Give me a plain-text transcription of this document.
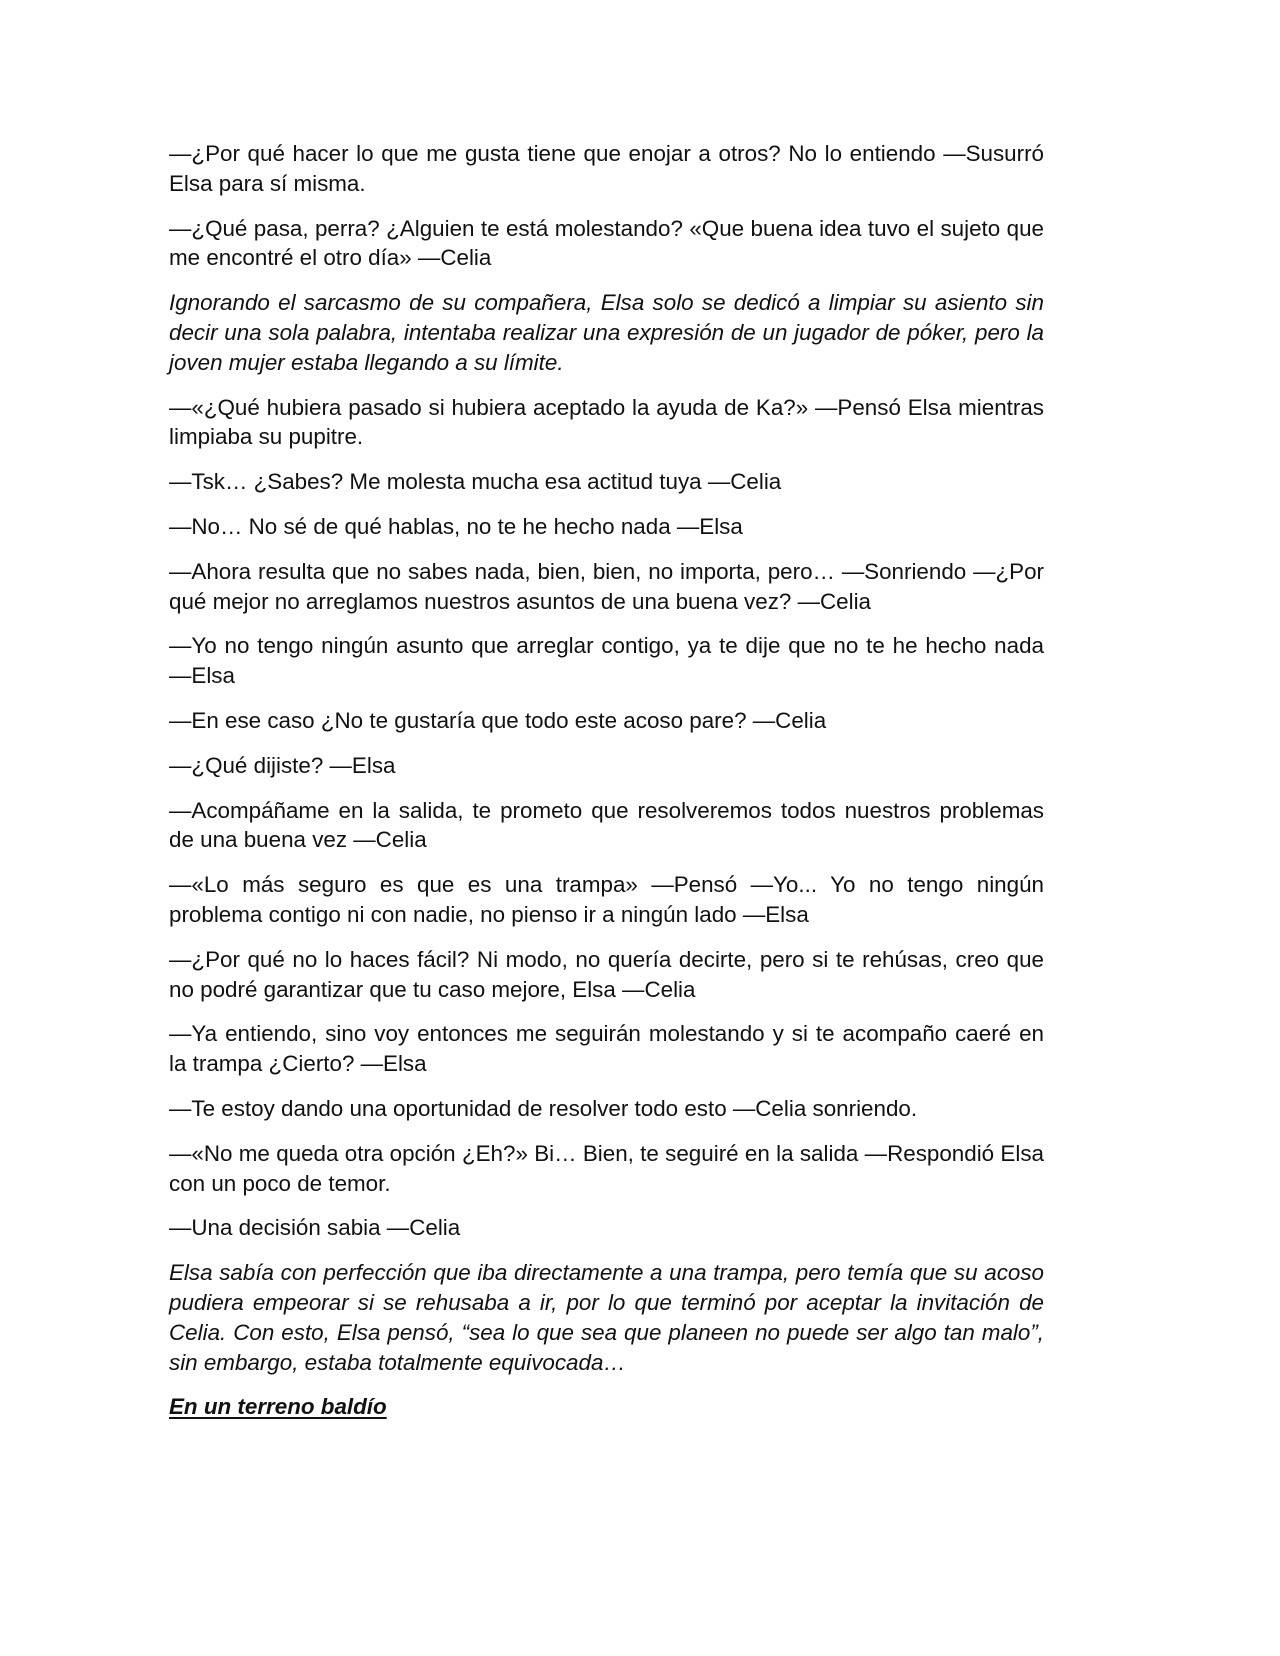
—¿Por qué hacer lo que me gusta tiene que enojar a otros? No lo entiendo —Susurró Elsa para sí misma.

—¿Qué pasa, perra? ¿Alguien te está molestando? «Que buena idea tuvo el sujeto que me encontré el otro día» —Celia

Ignorando el sarcasmo de su compañera, Elsa solo se dedicó a limpiar su asiento sin decir una sola palabra, intentaba realizar una expresión de un jugador de póker, pero la joven mujer estaba llegando a su límite.

—«¿Qué hubiera pasado si hubiera aceptado la ayuda de Ka?» —Pensó Elsa mientras limpiaba su pupitre.

—Tsk… ¿Sabes? Me molesta mucha esa actitud tuya —Celia

—No… No sé de qué hablas, no te he hecho nada —Elsa

—Ahora resulta que no sabes nada, bien, bien, no importa, pero… —Sonriendo —¿Por qué mejor no arreglamos nuestros asuntos de una buena vez? —Celia

—Yo no tengo ningún asunto que arreglar contigo, ya te dije que no te he hecho nada —Elsa

—En ese caso ¿No te gustaría que todo este acoso pare? —Celia

—¿Qué dijiste? —Elsa

—Acompáñame en la salida, te prometo que resolveremos todos nuestros problemas de una buena vez —Celia

—«Lo más seguro es que es una trampa» —Pensó —Yo... Yo no tengo ningún problema contigo ni con nadie, no pienso ir a ningún lado —Elsa

—¿Por qué no lo haces fácil? Ni modo, no quería decirte, pero si te rehúsas, creo que no podré garantizar que tu caso mejore, Elsa —Celia

—Ya entiendo, sino voy entonces me seguirán molestando y si te acompaño caeré en la trampa ¿Cierto? —Elsa

—Te estoy dando una oportunidad de resolver todo esto —Celia sonriendo.

—«No me queda otra opción ¿Eh?» Bi… Bien, te seguiré en la salida —Respondió Elsa con un poco de temor.

—Una decisión sabia —Celia

Elsa sabía con perfección que iba directamente a una trampa, pero temía que su acoso pudiera empeorar si se rehusaba a ir, por lo que terminó por aceptar la invitación de Celia. Con esto, Elsa pensó, “sea lo que sea que planeen no puede ser algo tan malo”, sin embargo, estaba totalmente equivocada…

En un terreno baldío
